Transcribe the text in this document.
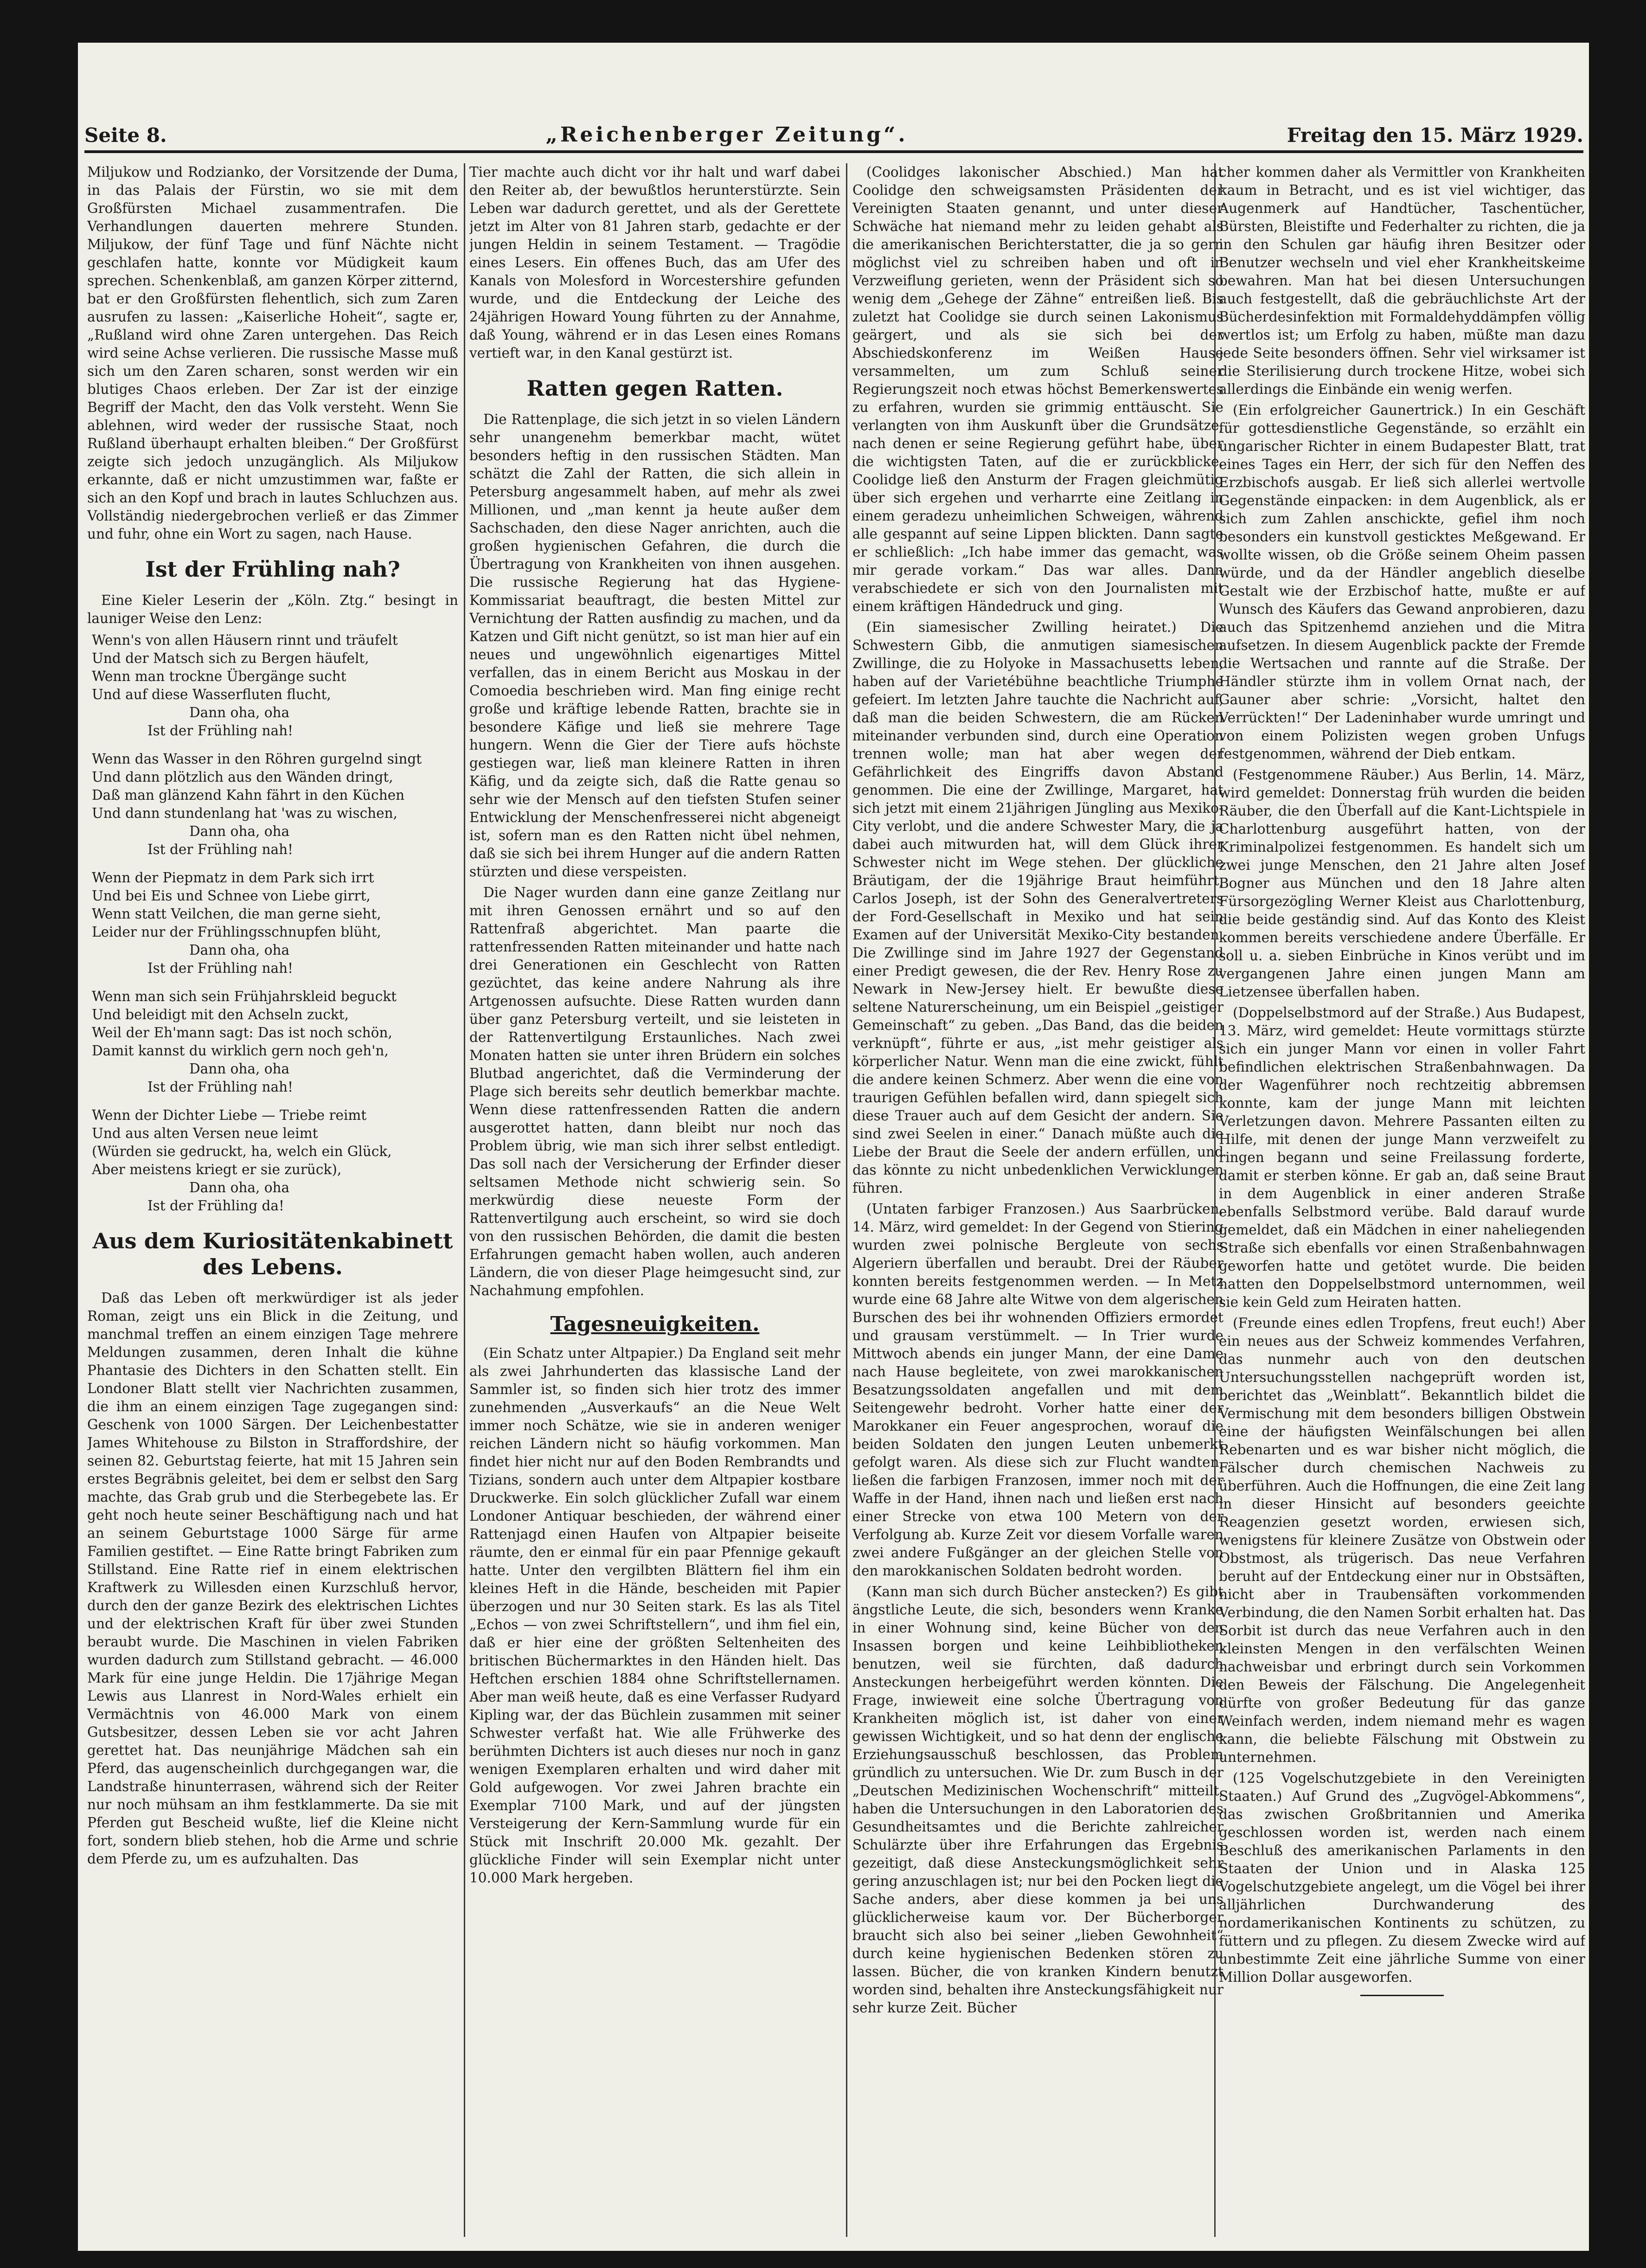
Seite 8.	„Reichenberger Zeitung“.	Freitag den 15. März 1929.

Miljukow und Rodzianko, der Vorsitzende der Duma, in das Palais der Fürstin, wo sie mit dem Großfürsten Michael zusammentrafen. Die Verhandlungen dauerten mehrere Stunden. Miljukow, der fünf Tage und fünf Nächte nicht geschlafen hatte, konnte vor Müdigkeit kaum sprechen. Schenkenblaß, am ganzen Körper zitternd, bat er den Großfürsten flehentlich, sich zum Zaren ausrufen zu lassen: „Kaiserliche Hoheit“, sagte er, „Rußland wird ohne Zaren untergehen. Das Reich wird seine Achse verlieren. Die russische Masse muß sich um den Zaren scharen, sonst werden wir ein blutiges Chaos erleben. Der Zar ist der einzige Begriff der Macht, den das Volk versteht. Wenn Sie ablehnen, wird weder der russische Staat, noch Rußland überhaupt erhalten bleiben.“ Der Großfürst zeigte sich jedoch unzugänglich. Als Miljukow erkannte, daß er nicht umzustimmen war, faßte er sich an den Kopf und brach in lautes Schluchzen aus. Vollständig niedergebrochen verließ er das Zimmer und fuhr, ohne ein Wort zu sagen, nach Hause.

Ist der Frühling nah?

Eine Kieler Leserin der „Köln. Ztg.“ besingt in launiger Weise den Lenz:

Wenn's von allen Häusern rinnt und träufelt

Und der Matsch sich zu Bergen häufelt,

Wenn man trockne Übergänge sucht

Und auf diese Wasserfluten flucht,

Dann oha, oha

Ist der Frühling nah!

Wenn das Wasser in den Röhren gurgelnd singt

Und dann plötzlich aus den Wänden dringt,

Daß man glänzend Kahn fährt in den Küchen

Und dann stundenlang hat 'was zu wischen,

Dann oha, oha

Ist der Frühling nah!

Wenn der Piepmatz in dem Park sich irrt

Und bei Eis und Schnee von Liebe girrt,

Wenn statt Veilchen, die man gerne sieht,

Leider nur der Frühlingsschnupfen blüht,

Dann oha, oha

Ist der Frühling nah!

Wenn man sich sein Frühjahrskleid beguckt

Und beleidigt mit den Achseln zuckt,

Weil der Eh'mann sagt: Das ist noch schön,

Damit kannst du wirklich gern noch geh'n,

Dann oha, oha

Ist der Frühling nah!

Wenn der Dichter Liebe — Triebe reimt

Und aus alten Versen neue leimt

(Würden sie gedruckt, ha, welch ein Glück,

Aber meistens kriegt er sie zurück),

Dann oha, oha

Ist der Frühling da!

Aus dem Kuriositätenkabinett des Lebens.

Daß das Leben oft merkwürdiger ist als jeder Roman, zeigt uns ein Blick in die Zeitung, und manchmal treffen an einem einzigen Tage mehrere Meldungen zusammen, deren Inhalt die kühne Phantasie des Dichters in den Schatten stellt. Ein Londoner Blatt stellt vier Nachrichten zusammen, die ihm an einem einzigen Tage zugegangen sind: Geschenk von 1000 Särgen. Der Leichenbestatter James Whitehouse zu Bilston in Straffordshire, der seinen 82. Geburtstag feierte, hat mit 15 Jahren sein erstes Begräbnis geleitet, bei dem er selbst den Sarg machte, das Grab grub und die Sterbegebete las. Er geht noch heute seiner Beschäftigung nach und hat an seinem Geburtstage 1000 Särge für arme Familien gestiftet. — Eine Ratte bringt Fabriken zum Stillstand. Eine Ratte rief in einem elektrischen Kraftwerk zu Willesden einen Kurzschluß hervor, durch den der ganze Bezirk des elektrischen Lichtes und der elektrischen Kraft für über zwei Stunden beraubt wurde. Die Maschinen in vielen Fabriken wurden dadurch zum Stillstand gebracht. — 46.000 Mark für eine junge Heldin. Die 17jährige Megan Lewis aus Llanrest in Nord-Wales erhielt ein Vermächtnis von 46.000 Mark von einem Gutsbesitzer, dessen Leben sie vor acht Jahren gerettet hat. Das neunjährige Mädchen sah ein Pferd, das augenscheinlich durchgegangen war, die Landstraße hinunterrasen, während sich der Reiter nur noch mühsam an ihm festklammerte. Da sie mit Pferden gut Bescheid wußte, lief die Kleine nicht fort, sondern blieb stehen, hob die Arme und schrie dem Pferde zu, um es aufzuhalten. Das

Tier machte auch dicht vor ihr halt und warf dabei den Reiter ab, der bewußtlos herunterstürzte. Sein Leben war dadurch gerettet, und als der Gerettete jetzt im Alter von 81 Jahren starb, gedachte er der jungen Heldin in seinem Testament. — Tragödie eines Lesers. Ein offenes Buch, das am Ufer des Kanals von Molesford in Worcestershire gefunden wurde, und die Entdeckung der Leiche des 24jährigen Howard Young führten zu der Annahme, daß Young, während er in das Lesen eines Romans vertieft war, in den Kanal gestürzt ist.

Ratten gegen Ratten.

Die Rattenplage, die sich jetzt in so vielen Ländern sehr unangenehm bemerkbar macht, wütet besonders heftig in den russischen Städten. Man schätzt die Zahl der Ratten, die sich allein in Petersburg angesammelt haben, auf mehr als zwei Millionen, und „man kennt ja heute außer dem Sachschaden, den diese Nager anrichten, auch die großen hygienischen Gefahren, die durch die Übertragung von Krankheiten von ihnen ausgehen. Die russische Regierung hat das Hygiene-Kommissariat beauftragt, die besten Mittel zur Vernichtung der Ratten ausfindig zu machen, und da Katzen und Gift nicht genützt, so ist man hier auf ein neues und ungewöhnlich eigenartiges Mittel verfallen, das in einem Bericht aus Moskau in der Comoedia beschrieben wird. Man fing einige recht große und kräftige lebende Ratten, brachte sie in besondere Käfige und ließ sie mehrere Tage hungern. Wenn die Gier der Tiere aufs höchste gestiegen war, ließ man kleinere Ratten in ihren Käfig, und da zeigte sich, daß die Ratte genau so sehr wie der Mensch auf den tiefsten Stufen seiner Entwicklung der Menschenfresserei nicht abgeneigt ist, sofern man es den Ratten nicht übel nehmen, daß sie sich bei ihrem Hunger auf die andern Ratten stürzten und diese verspeisten.

Die Nager wurden dann eine ganze Zeitlang nur mit ihren Genossen ernährt und so auf den Rattenfraß abgerichtet. Man paarte die rattenfressenden Ratten miteinander und hatte nach drei Generationen ein Geschlecht von Ratten gezüchtet, das keine andere Nahrung als ihre Artgenossen aufsuchte. Diese Ratten wurden dann über ganz Petersburg verteilt, und sie leisteten in der Rattenvertilgung Erstaunliches. Nach zwei Monaten hatten sie unter ihren Brüdern ein solches Blutbad angerichtet, daß die Verminderung der Plage sich bereits sehr deutlich bemerkbar machte. Wenn diese rattenfressenden Ratten die andern ausgerottet hatten, dann bleibt nur noch das Problem übrig, wie man sich ihrer selbst entledigt. Das soll nach der Versicherung der Erfinder dieser seltsamen Methode nicht schwierig sein. So merkwürdig diese neueste Form der Rattenvertilgung auch erscheint, so wird sie doch von den russischen Behörden, die damit die besten Erfahrungen gemacht haben wollen, auch anderen Ländern, die von dieser Plage heimgesucht sind, zur Nachahmung empfohlen.

Tagesneuigkeiten.

(Ein Schatz unter Altpapier.) Da England seit mehr als zwei Jahrhunderten das klassische Land der Sammler ist, so finden sich hier trotz des immer zunehmenden „Ausverkaufs“ an die Neue Welt immer noch Schätze, wie sie in anderen weniger reichen Ländern nicht so häufig vorkommen. Man findet hier nicht nur auf den Boden Rembrandts und Tizians, sondern auch unter dem Altpapier kostbare Druckwerke. Ein solch glücklicher Zufall war einem Londoner Antiquar beschieden, der während einer Rattenjagd einen Haufen von Altpapier beiseite räumte, den er einmal für ein paar Pfennige gekauft hatte. Unter den vergilbten Blättern fiel ihm ein kleines Heft in die Hände, bescheiden mit Papier überzogen und nur 30 Seiten stark. Es las als Titel „Echos — von zwei Schriftstellern“, und ihm fiel ein, daß er hier eine der größten Seltenheiten des britischen Büchermarktes in den Händen hielt. Das Heftchen erschien 1884 ohne Schriftstellernamen. Aber man weiß heute, daß es eine Verfasser Rudyard Kipling war, der das Büchlein zusammen mit seiner Schwester verfaßt hat. Wie alle Frühwerke des berühmten Dichters ist auch dieses nur noch in ganz wenigen Exemplaren erhalten und wird daher mit Gold aufgewogen. Vor zwei Jahren brachte ein Exemplar 7100 Mark, und auf der jüngsten Versteigerung der Kern-Sammlung wurde für ein Stück mit Inschrift 20.000 Mk. gezahlt. Der glückliche Finder will sein Exemplar nicht unter 10.000 Mark hergeben.

(Coolidges lakonischer Abschied.) Man hat Coolidge den schweigsamsten Präsidenten der Vereinigten Staaten genannt, und unter dieser Schwäche hat niemand mehr zu leiden gehabt als die amerikanischen Berichterstatter, die ja so gern möglichst viel zu schreiben haben und oft in Verzweiflung gerieten, wenn der Präsident sich so wenig dem „Gehege der Zähne“ entreißen ließ. Bis zuletzt hat Coolidge sie durch seinen Lakonismus geärgert, und als sie sich bei der Abschiedskonferenz im Weißen Hause versammelten, um zum Schluß seiner Regierungszeit noch etwas höchst Bemerkenswertes zu erfahren, wurden sie grimmig enttäuscht. Sie verlangten von ihm Auskunft über die Grundsätze, nach denen er seine Regierung geführt habe, über die wichtigsten Taten, auf die er zurückblicke. Coolidge ließ den Ansturm der Fragen gleichmütig über sich ergehen und verharrte eine Zeitlang in einem geradezu unheimlichen Schweigen, während alle gespannt auf seine Lippen blickten. Dann sagte er schließlich: „Ich habe immer das gemacht, was mir gerade vorkam.“ Das war alles. Dann verabschiedete er sich von den Journalisten mit einem kräftigen Händedruck und ging.

(Ein siamesischer Zwilling heiratet.) Die Schwestern Gibb, die anmutigen siamesischen Zwillinge, die zu Holyoke in Massachusetts leben, haben auf der Varietébühne beachtliche Triumphe gefeiert. Im letzten Jahre tauchte die Nachricht auf, daß man die beiden Schwestern, die am Rücken miteinander verbunden sind, durch eine Operation trennen wolle; man hat aber wegen der Gefährlichkeit des Eingriffs davon Abstand genommen. Die eine der Zwillinge, Margaret, hat sich jetzt mit einem 21jährigen Jüngling aus Mexiko-City verlobt, und die andere Schwester Mary, die ja dabei auch mitwurden hat, will dem Glück ihrer Schwester nicht im Wege stehen. Der glückliche Bräutigam, der die 19jährige Braut heimführt, Carlos Joseph, ist der Sohn des Generalvertreters der Ford-Gesellschaft in Mexiko und hat sein Examen auf der Universität Mexiko-City bestanden. Die Zwillinge sind im Jahre 1927 der Gegenstand einer Predigt gewesen, die der Rev. Henry Rose zu Newark in New-Jersey hielt. Er bewußte diese seltene Naturerscheinung, um ein Beispiel „geistiger Gemeinschaft“ zu geben. „Das Band, das die beiden verknüpft“, führte er aus, „ist mehr geistiger als körperlicher Natur. Wenn man die eine zwickt, fühlt die andere keinen Schmerz. Aber wenn die eine von traurigen Gefühlen befallen wird, dann spiegelt sich diese Trauer auch auf dem Gesicht der andern. Sie sind zwei Seelen in einer.“ Danach müßte auch die Liebe der Braut die Seele der andern erfüllen, und das könnte zu nicht unbedenklichen Verwicklungen führen.

(Untaten farbiger Franzosen.) Aus Saarbrücken, 14. März, wird gemeldet: In der Gegend von Stiering wurden zwei polnische Bergleute von sechs Algeriern überfallen und beraubt. Drei der Räuber konnten bereits festgenommen werden. — In Metz wurde eine 68 Jahre alte Witwe von dem algerischen Burschen des bei ihr wohnenden Offiziers ermordet und grausam verstümmelt. — In Trier wurde Mittwoch abends ein junger Mann, der eine Dame nach Hause begleitete, von zwei marokkanischen Besatzungssoldaten angefallen und mit dem Seitengewehr bedroht. Vorher hatte einer der Marokkaner ein Feuer angesprochen, worauf die beiden Soldaten den jungen Leuten unbemerkt gefolgt waren. Als diese sich zur Flucht wandten, ließen die farbigen Franzosen, immer noch mit der Waffe in der Hand, ihnen nach und ließen erst nach einer Strecke von etwa 100 Metern von der Verfolgung ab. Kurze Zeit vor diesem Vorfalle waren zwei andere Fußgänger an der gleichen Stelle von den marokkanischen Soldaten bedroht worden.

(Kann man sich durch Bücher anstecken?) Es gibt ängstliche Leute, die sich, besonders wenn Kranke in einer Wohnung sind, keine Bücher von den Insassen borgen und keine Leihbibliotheken benutzen, weil sie fürchten, daß dadurch Ansteckungen herbeigeführt werden könnten. Die Frage, inwieweit eine solche Übertragung von Krankheiten möglich ist, ist daher von einer gewissen Wichtigkeit, und so hat denn der englische Erziehungsausschuß beschlossen, das Problem gründlich zu untersuchen. Wie Dr. zum Busch in der „Deutschen Medizinischen Wochenschrift“ mitteilt, haben die Untersuchungen in den Laboratorien des Gesundheitsamtes und die Berichte zahlreicher Schulärzte über ihre Erfahrungen das Ergebnis gezeitigt, daß diese Ansteckungsmöglichkeit sehr gering anzuschlagen ist; nur bei den Pocken liegt die Sache anders, aber diese kommen ja bei uns glücklicherweise kaum vor. Der Bücherborger braucht sich also bei seiner „lieben Gewohnheit“ durch keine hygienischen Bedenken stören zu lassen. Bücher, die von kranken Kindern benutzt worden sind, behalten ihre Ansteckungsfähigkeit nur sehr kurze Zeit. Bücher

cher kommen daher als Vermittler von Krankheiten kaum in Betracht, und es ist viel wichtiger, das Augenmerk auf Handtücher, Taschentücher, Bürsten, Bleistifte und Federhalter zu richten, die ja in den Schulen gar häufig ihren Besitzer oder Benutzer wechseln und viel eher Krankheitskeime bewahren. Man hat bei diesen Untersuchungen auch festgestellt, daß die gebräuchlichste Art der Bücherdesinfektion mit Formaldehyddämpfen völlig wertlos ist; um Erfolg zu haben, müßte man dazu jede Seite besonders öffnen. Sehr viel wirksamer ist die Sterilisierung durch trockene Hitze, wobei sich allerdings die Einbände ein wenig werfen.

(Ein erfolgreicher Gaunertrick.) In ein Geschäft für gottesdienstliche Gegenstände, so erzählt ein ungarischer Richter in einem Budapester Blatt, trat eines Tages ein Herr, der sich für den Neffen des Erzbischofs ausgab. Er ließ sich allerlei wertvolle Gegenstände einpacken: in dem Augenblick, als er sich zum Zahlen anschickte, gefiel ihm noch besonders ein kunstvoll gesticktes Meßgewand. Er wollte wissen, ob die Größe seinem Oheim passen würde, und da der Händler angeblich dieselbe Gestalt wie der Erzbischof hatte, mußte er auf Wunsch des Käufers das Gewand anprobieren, dazu auch das Spitzenhemd anziehen und die Mitra aufsetzen. In diesem Augenblick packte der Fremde die Wertsachen und rannte auf die Straße. Der Händler stürzte ihm in vollem Ornat nach, der Gauner aber schrie: „Vorsicht, haltet den Verrückten!“ Der Ladeninhaber wurde umringt und von einem Polizisten wegen groben Unfugs festgenommen, während der Dieb entkam.

(Festgenommene Räuber.) Aus Berlin, 14. März, wird gemeldet: Donnerstag früh wurden die beiden Räuber, die den Überfall auf die Kant-Lichtspiele in Charlottenburg ausgeführt hatten, von der Kriminalpolizei festgenommen. Es handelt sich um zwei junge Menschen, den 21 Jahre alten Josef Bogner aus München und den 18 Jahre alten Fürsorgezögling Werner Kleist aus Charlottenburg, die beide geständig sind. Auf das Konto des Kleist kommen bereits verschiedene andere Überfälle. Er soll u. a. sieben Einbrüche in Kinos verübt und im vergangenen Jahre einen jungen Mann am Lietzensee überfallen haben.

(Doppelselbstmord auf der Straße.) Aus Budapest, 13. März, wird gemeldet: Heute vormittags stürzte sich ein junger Mann vor einen in voller Fahrt befindlichen elektrischen Straßenbahnwagen. Da der Wagenführer noch rechtzeitig abbremsen konnte, kam der junge Mann mit leichten Verletzungen davon. Mehrere Passanten eilten zu Hilfe, mit denen der junge Mann verzweifelt zu ringen begann und seine Freilassung forderte, damit er sterben könne. Er gab an, daß seine Braut in dem Augenblick in einer anderen Straße ebenfalls Selbstmord verübe. Bald darauf wurde gemeldet, daß ein Mädchen in einer naheliegenden Straße sich ebenfalls vor einen Straßenbahnwagen geworfen hatte und getötet wurde. Die beiden hatten den Doppelselbstmord unternommen, weil sie kein Geld zum Heiraten hatten.

(Freunde eines edlen Tropfens, freut euch!) Aber ein neues aus der Schweiz kommendes Verfahren, das nunmehr auch von den deutschen Untersuchungsstellen nachgeprüft worden ist, berichtet das „Weinblatt“. Bekanntlich bildet die Vermischung mit dem besonders billigen Obstwein eine der häufigsten Weinfälschungen bei allen Rebenarten und es war bisher nicht möglich, die Fälscher durch chemischen Nachweis zu überführen. Auch die Hoffnungen, die eine Zeit lang in dieser Hinsicht auf besonders geeichte Reagenzien gesetzt worden, erwiesen sich, wenigstens für kleinere Zusätze von Obstwein oder Obstmost, als trügerisch. Das neue Verfahren beruht auf der Entdeckung einer nur in Obstsäften, nicht aber in Traubensäften vorkommenden Verbindung, die den Namen Sorbit erhalten hat. Das Sorbit ist durch das neue Verfahren auch in den kleinsten Mengen in den verfälschten Weinen nachweisbar und erbringt durch sein Vorkommen den Beweis der Fälschung. Die Angelegenheit dürfte von großer Bedeutung für das ganze Weinfach werden, indem niemand mehr es wagen kann, die beliebte Fälschung mit Obstwein zu unternehmen.

(125 Vogelschutzgebiete in den Vereinigten Staaten.) Auf Grund des „Zugvögel-Abkommens“, das zwischen Großbritannien und Amerika geschlossen worden ist, werden nach einem Beschluß des amerikanischen Parlaments in den Staaten der Union und in Alaska 125 Vogelschutzgebiete angelegt, um die Vögel bei ihrer alljährlichen Durchwanderung des nordamerikanischen Kontinents zu schützen, zu füttern und zu pflegen. Zu diesem Zwecke wird auf unbestimmte Zeit eine jährliche Summe von einer Million Dollar ausgeworfen.
